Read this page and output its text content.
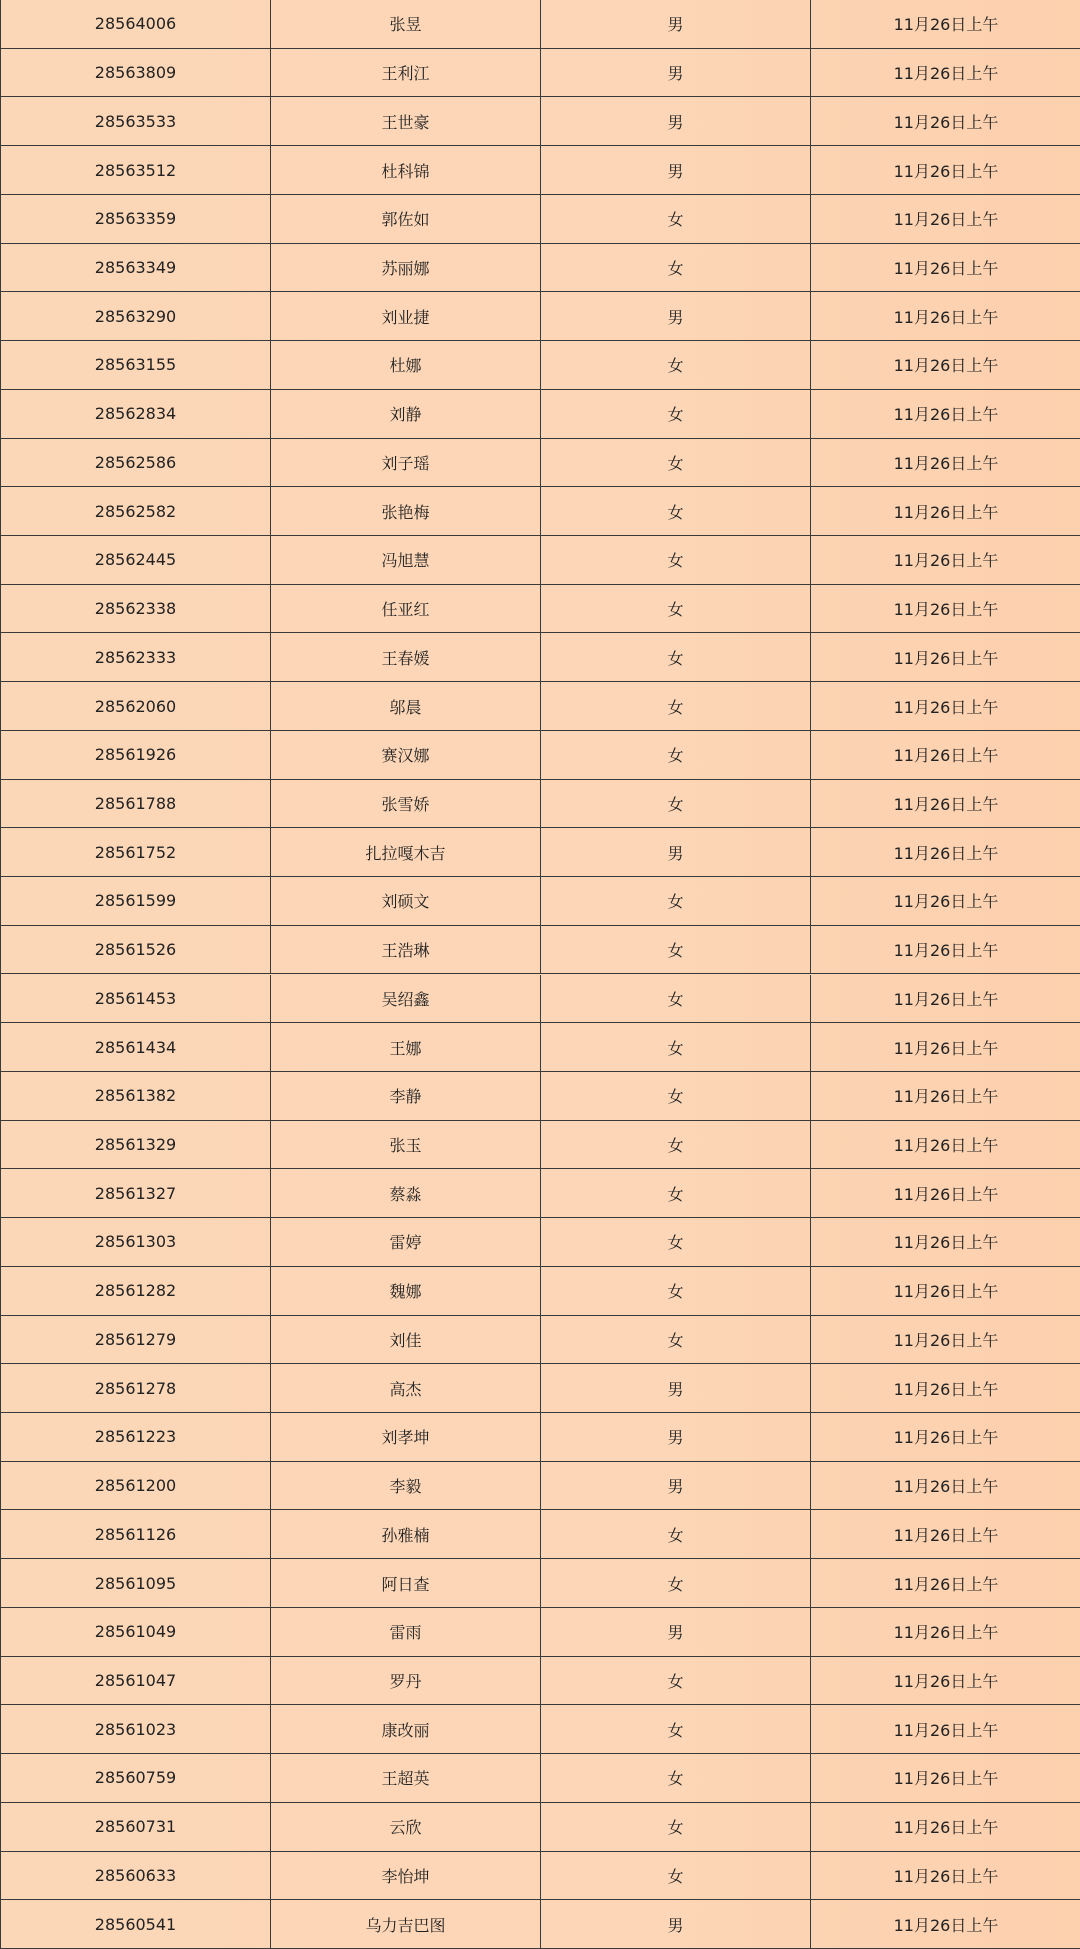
28564006	张昱	男	11月26日上午
28563809	王利江	男	11月26日上午
28563533	王世豪	男	11月26日上午
28563512	杜科锦	男	11月26日上午
28563359	郭佐如	女	11月26日上午
28563349	苏丽娜	女	11月26日上午
28563290	刘业捷	男	11月26日上午
28563155	杜娜	女	11月26日上午
28562834	刘静	女	11月26日上午
28562586	刘子瑶	女	11月26日上午
28562582	张艳梅	女	11月26日上午
28562445	冯旭慧	女	11月26日上午
28562338	任亚红	女	11月26日上午
28562333	王春媛	女	11月26日上午
28562060	邬晨	女	11月26日上午
28561926	赛汉娜	女	11月26日上午
28561788	张雪娇	女	11月26日上午
28561752	扎拉嘎木吉	男	11月26日上午
28561599	刘硕文	女	11月26日上午
28561526	王浩琳	女	11月26日上午
28561453	吴绍鑫	女	11月26日上午
28561434	王娜	女	11月26日上午
28561382	李静	女	11月26日上午
28561329	张玉	女	11月26日上午
28561327	蔡淼	女	11月26日上午
28561303	雷婷	女	11月26日上午
28561282	魏娜	女	11月26日上午
28561279	刘佳	女	11月26日上午
28561278	高杰	男	11月26日上午
28561223	刘孝坤	男	11月26日上午
28561200	李毅	男	11月26日上午
28561126	孙雅楠	女	11月26日上午
28561095	阿日查	女	11月26日上午
28561049	雷雨	男	11月26日上午
28561047	罗丹	女	11月26日上午
28561023	康改丽	女	11月26日上午
28560759	王超英	女	11月26日上午
28560731	云欣	女	11月26日上午
28560633	李怡坤	女	11月26日上午
28560541	乌力吉巴图	男	11月26日上午
